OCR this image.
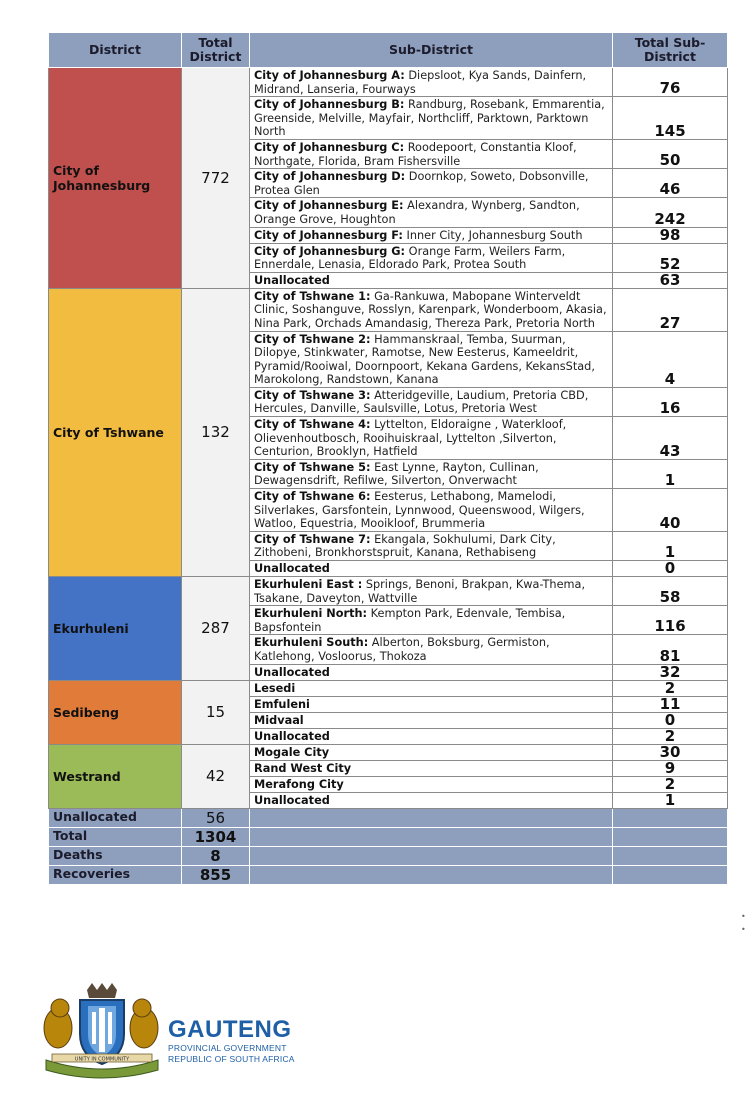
District	Total District	Sub-District	Total Sub-District
City of Johannesburg	772	City of Johannesburg A: Diepsloot, Kya Sands, Dainfern, Midrand, Lanseria, Fourways	76
		City of Johannesburg B: Randburg, Rosebank, Emmarentia, Greenside, Melville, Mayfair, Northcliff, Parktown, Parktown North	145
		City of Johannesburg C: Roodepoort, Constantia Kloof, Northgate, Florida, Bram Fishersville	50
		City of Johannesburg D: Doornkop, Soweto, Dobsonville, Protea Glen	46
		City of Johannesburg E: Alexandra, Wynberg, Sandton, Orange Grove, Houghton	242
		City of Johannesburg F: Inner City, Johannesburg South	98
		City of Johannesburg G: Orange Farm, Weilers Farm, Ennerdale, Lenasia, Eldorado Park, Protea South	52
		Unallocated	63
City of Tshwane	132	City of Tshwane 1: Ga-Rankuwa, Mabopane Winterveldt Clinic, Soshanguve, Rosslyn, Karenpark, Wonderboom, Akasia, Nina Park, Orchads Amandasig, Thereza Park, Pretoria North	27
		City of Tshwane 2: Hammanskraal, Temba, Suurman, Dilopye, Stinkwater, Ramotse, New Eesterus, Kameeldrit, Pyramid/Rooiwal, Doornpoort, Kekana Gardens, KekansStad, Marokolong, Randstown, Kanana	4
		City of Tshwane 3: Atteridgeville, Laudium, Pretoria CBD, Hercules, Danville, Saulsville, Lotus, Pretoria West	16
		City of Tshwane 4: Lyttelton, Eldoraigne , Waterkloof, Olievenhoutbosch, Rooihuiskraal, Lyttelton ,Silverton, Centurion, Brooklyn, Hatfield	43
		City of Tshwane 5: East Lynne, Rayton, Cullinan, Dewagensdrift, Refilwe, Silverton, Onverwacht	1
		City of Tshwane 6: Eesterus, Lethabong, Mamelodi, Silverlakes, Garsfontein, Lynnwood, Queenswood, Wilgers, Watloo, Equestria, Mooikloof, Brummeria	40
		City of Tshwane 7: Ekangala, Sokhulumi, Dark City, Zithobeni, Bronkhorstspruit, Kanana, Rethabiseng	1
		Unallocated	0
Ekurhuleni	287	Ekurhuleni East : Springs, Benoni, Brakpan, Kwa-Thema, Tsakane, Daveyton, Wattville	58
		Ekurhuleni North: Kempton Park, Edenvale, Tembisa, Bapsfontein	116
		Ekurhuleni South: Alberton, Boksburg, Germiston, Katlehong, Vosloorus, Thokoza	81
		Unallocated	32
Sedibeng	15	Lesedi	2
		Emfuleni	11
		Midvaal	0
		Unallocated	2
Westrand	42	Mogale City	30
		Rand West City	9
		Merafong City	2
		Unallocated	1
Unallocated	56		
Total	1304		
Deaths	8		
Recoveries	855		
UNITY IN COMMUNITY
GAUTENG
PROVINCIAL GOVERNMENT
REPUBLIC OF SOUTH AFRICA
•
•
